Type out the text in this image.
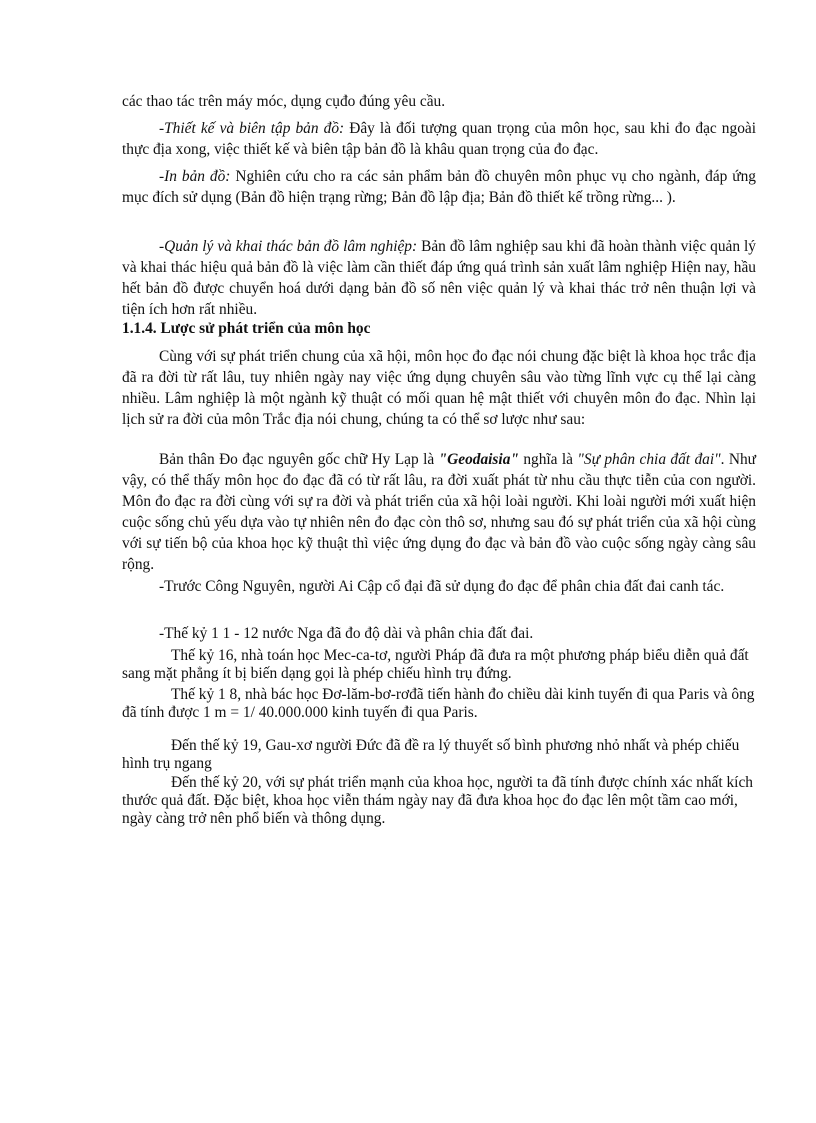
các thao tác trên máy móc, dụng cụđo đúng yêu cầu.

-Thiết kế và biên tập bản đồ: Đây là đối tượng quan trọng của môn học, sau khi đo đạc ngoài thực địa xong, việc thiết kế và biên tập bản đồ là khâu quan trọng của đo đạc.

-In bản đồ: Nghiên cứu cho ra các sản phẩm bản đồ chuyên môn phục vụ cho ngành, đáp ứng mục đích sử dụng (Bản đồ hiện trạng rừng; Bản đồ lập địa; Bản đồ thiết kế trồng rừng... ).

-Quản lý và khai thác bản đồ lâm nghiệp: Bản đồ lâm nghiệp sau khi đã hoàn thành việc quản lý và khai thác hiệu quả bản đồ là việc làm cần thiết đáp ứng quá trình sản xuất lâm nghiệp Hiện nay, hầu hết bản đồ được chuyển hoá dưới dạng bản đồ số nên việc quản lý và khai thác trở nên thuận lợi và tiện ích hơn rất nhiều.

1.1.4. Lược sử phát triển của môn học

Cùng với sự phát triển chung của xã hội, môn học đo đạc nói chung đặc biệt là khoa học trắc địa đã ra đời từ rất lâu, tuy nhiên ngày nay việc ứng dụng chuyên sâu vào từng lĩnh vực cụ thể lại càng nhiều. Lâm nghiệp là một ngành kỹ thuật có mối quan hệ mật thiết với chuyên môn đo đạc. Nhìn lại lịch sử ra đời của môn Trắc địa nói chung, chúng ta có thể sơ lược như sau:

Bản thân Đo đạc nguyên gốc chữ Hy Lạp là "Geodaisia" nghĩa là "Sự phân chia đất đai". Như vậy, có thể thấy môn học đo đạc đã có từ rất lâu, ra đời xuất phát từ nhu cầu thực tiễn của con người. Môn đo đạc ra đời cùng với sự ra đời và phát triển của xã hội loài người. Khi loài người mới xuất hiện cuộc sống chủ yếu dựa vào tự nhiên nên đo đạc còn thô sơ, nhưng sau đó sự phát triển của xã hội cùng với sự tiến bộ của khoa học kỹ thuật thì việc ứng dụng đo đạc và bản đồ vào cuộc sống ngày càng sâu rộng.

-Trước Công Nguyên, người Ai Cập cổ đại đã sử dụng đo đạc để phân chia đất đai canh tác.

-Thế kỷ 1 1 - 12 nước Nga đã đo độ dài và phân chia đất đai.

Thế kỷ 16, nhà toán học Mec-ca-tơ, người Pháp đã đưa ra một phương pháp biểu diễn quả đất sang mặt phẳng ít bị biến dạng gọi là phép chiếu hình trụ đứng.

Thế kỷ 1 8, nhà bác học Đơ-lăm-bơ-rơđã tiến hành đo chiều dài kinh tuyến đi qua Paris và ông đã tính được 1 m = 1/ 40.000.000 kinh tuyến đi qua Paris.

Đến thế kỷ 19, Gau-xơ người Đức đã đề ra lý thuyết số bình phương nhỏ nhất và phép chiếu hình trụ ngang

Đến thế kỷ 20, với sự phát triển mạnh của khoa học, người ta đã tính được chính xác nhất kích thước quả đất. Đặc biệt, khoa học viễn thám ngày nay đã đưa khoa học đo đạc lên một tầm cao mới, ngày càng trở nên phổ biến và thông dụng.
